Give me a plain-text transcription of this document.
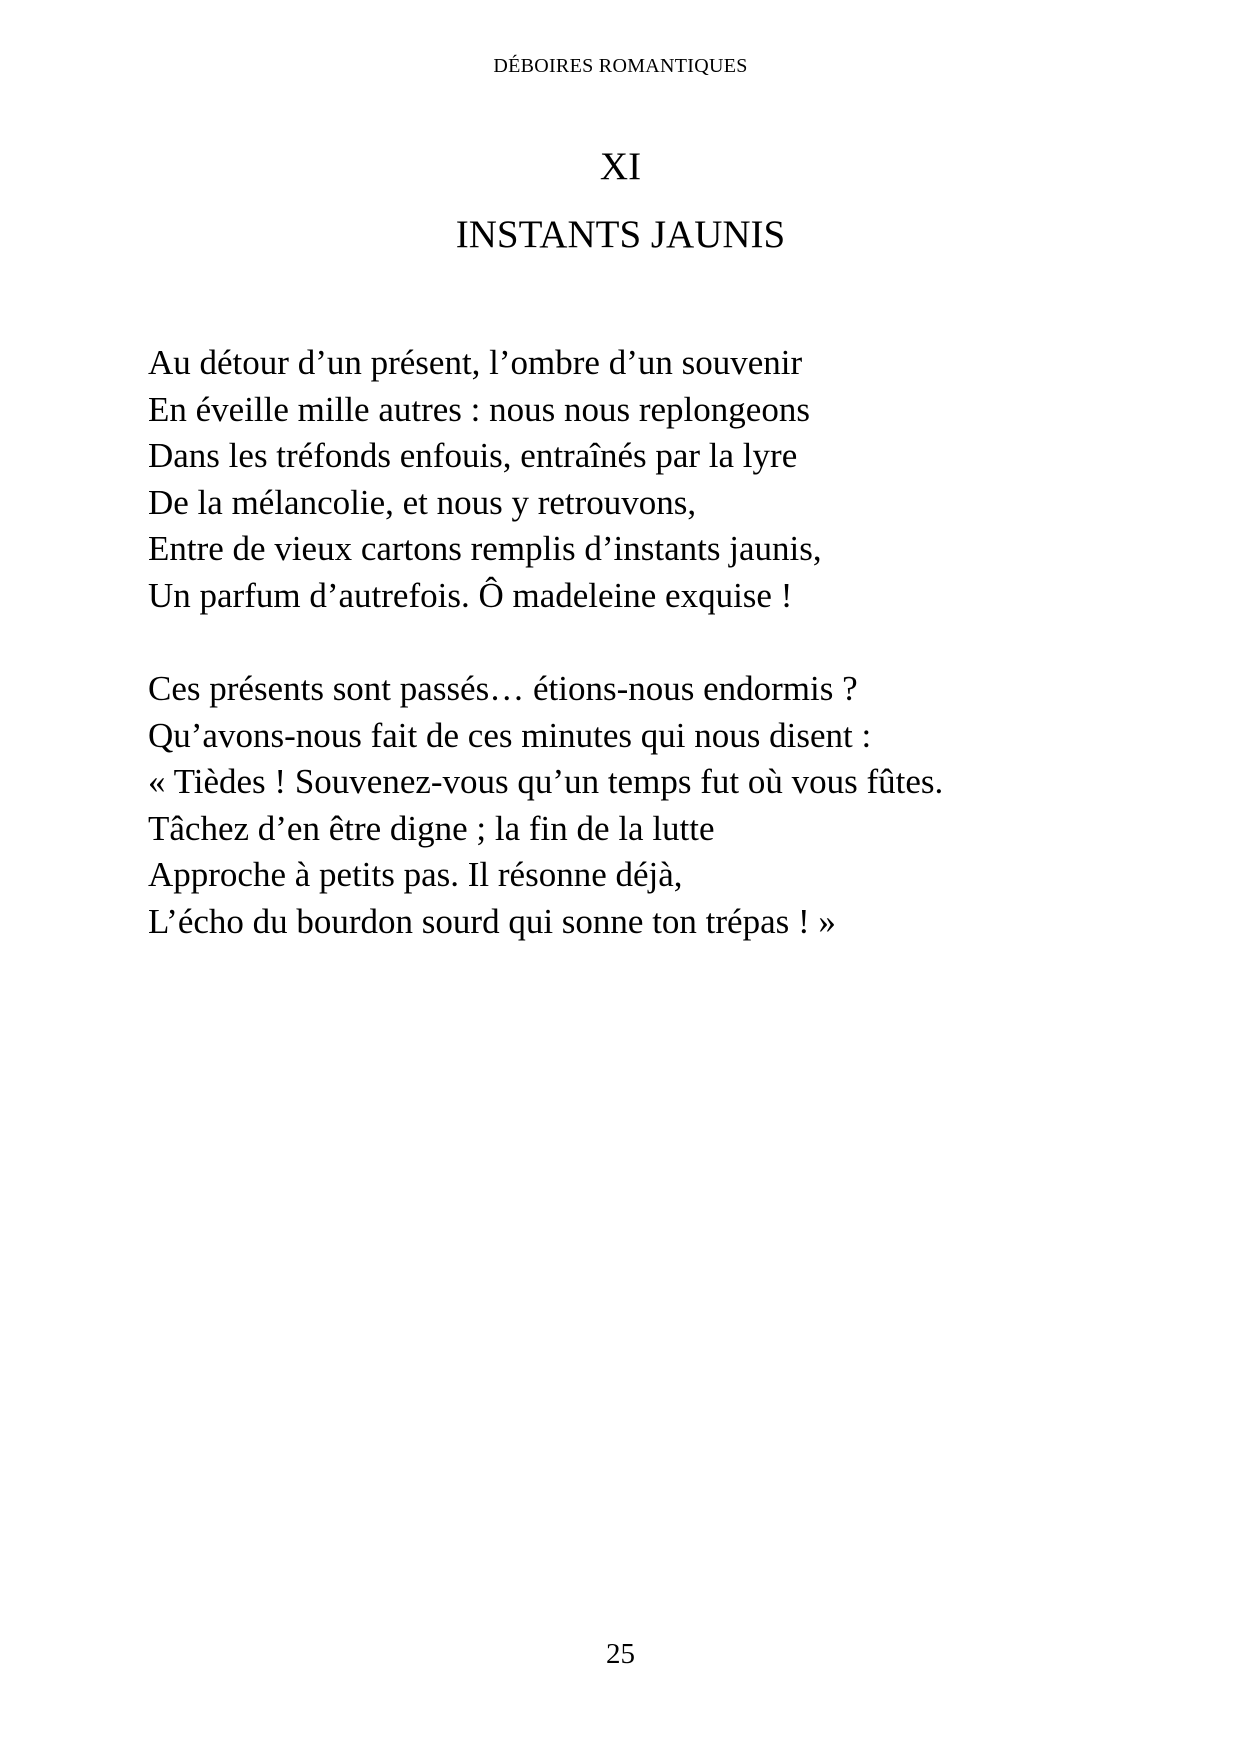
DÉBOIRES ROMANTIQUES
XI
INSTANTS JAUNIS
Au détour d’un présent, l’ombre d’un souvenir
En éveille mille autres : nous nous replongeons
Dans les tréfonds enfouis, entraînés par la lyre
De la mélancolie, et nous y retrouvons,
Entre de vieux cartons remplis d’instants jaunis,
Un parfum d’autrefois. Ô madeleine exquise !
Ces présents sont passés… étions-nous endormis ?
Qu’avons-nous fait de ces minutes qui nous disent :
« Tièdes ! Souvenez-vous qu’un temps fut où vous fûtes.
Tâchez d’en être digne ; la fin de la lutte
Approche à petits pas. Il résonne déjà,
L’écho du bourdon sourd qui sonne ton trépas ! »
25
